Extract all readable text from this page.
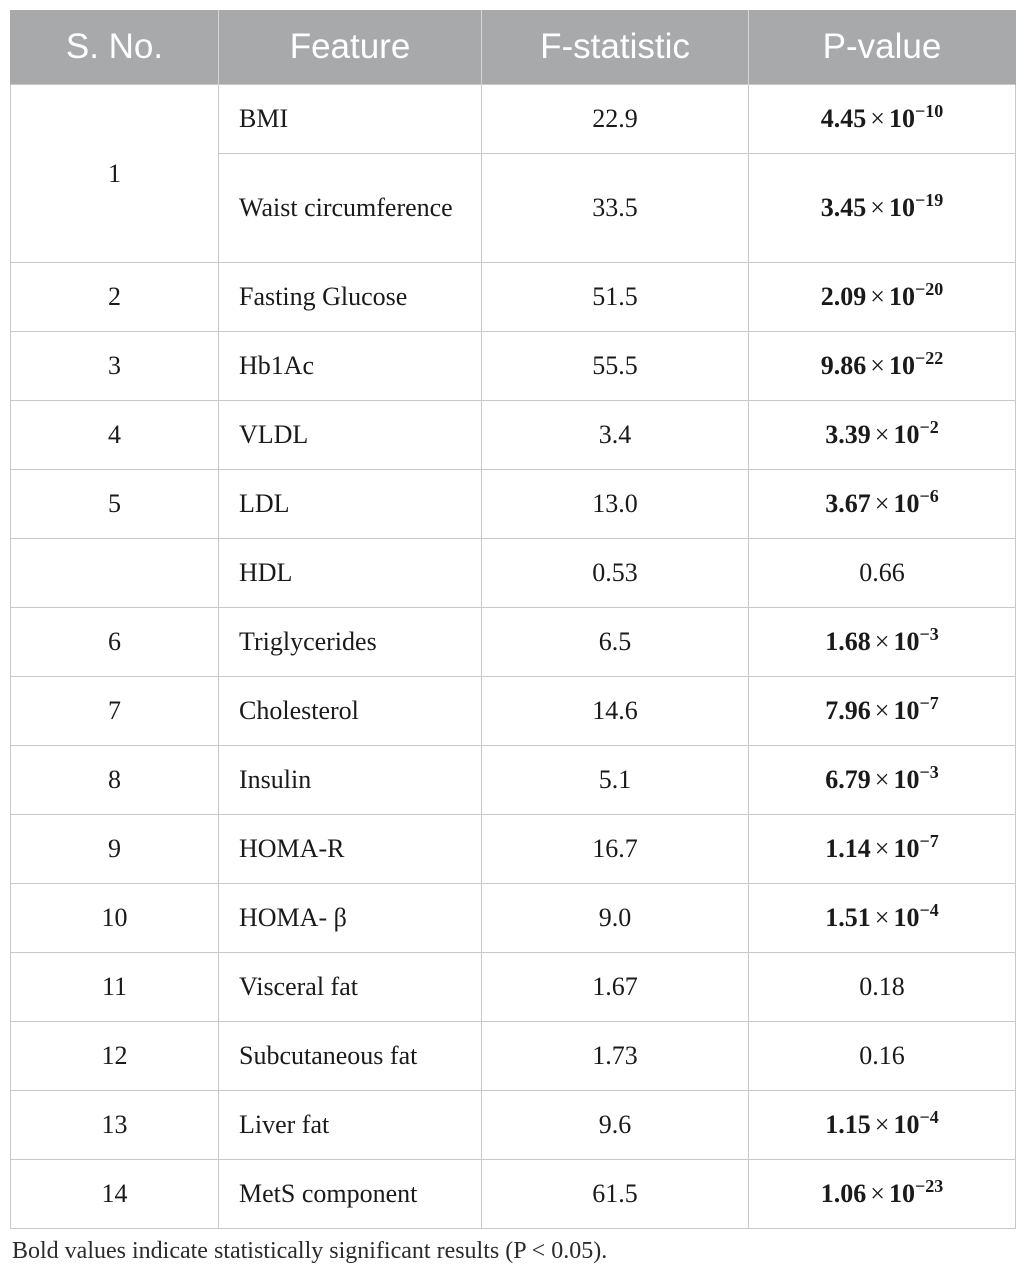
S. No.	Feature	F-statistic	P-value
1	BMI	22.9	$4.45 \times 10^{-10}$
	Waist circumference	33.5	$3.45 \times 10^{-19}$
2	Fasting Glucose	51.5	$2.09 \times 10^{-20}$
3	Hb1Ac	55.5	$9.86 \times 10^{-22}$
4	VLDL	3.4	$3.39 \times 10^{-2}$
5	LDL	13.0	$3.67 \times 10^{-6}$
	HDL	0.53	0.66
6	Triglycerides	6.5	$1.68 \times 10^{-3}$
7	Cholesterol	14.6	$7.96 \times 10^{-7}$
8	Insulin	5.1	$6.79 \times 10^{-3}$
9	HOMA-R	16.7	$1.14 \times 10^{-7}$
10	HOMA- β	9.0	$1.51 \times 10^{-4}$
11	Visceral fat	1.67	0.18
12	Subcutaneous fat	1.73	0.16
13	Liver fat	9.6	$1.15 \times 10^{-4}$
14	MetS component	61.5	$1.06 \times 10^{-23}$
Bold values indicate statistically significant results (P < 0.05).
